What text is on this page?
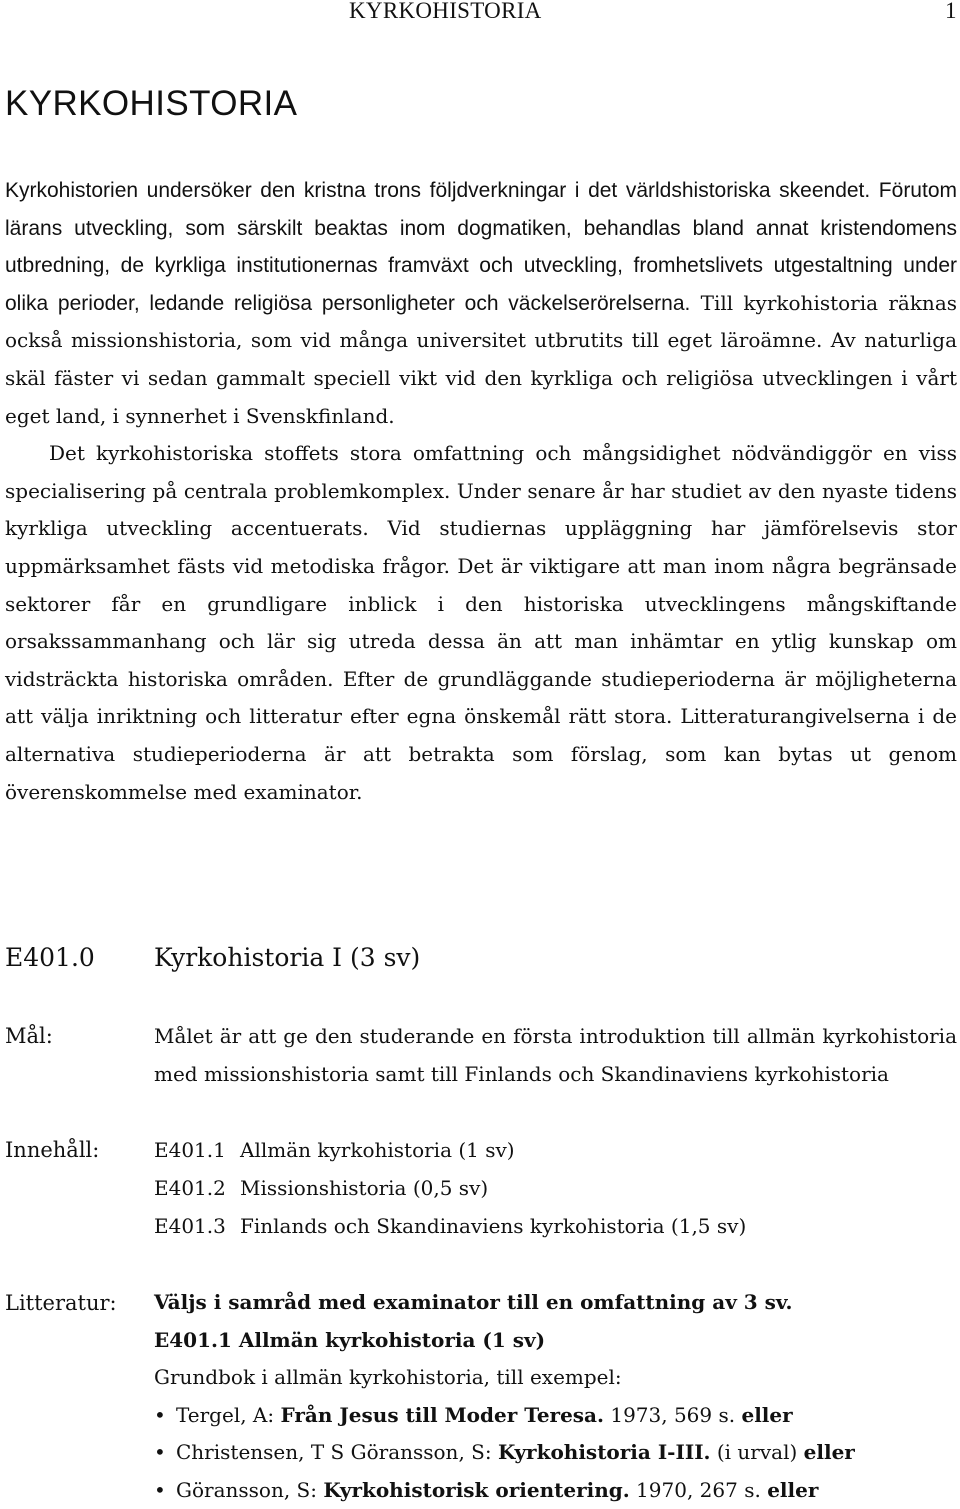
KYRKOHISTORIA	1
KYRKOHISTORIA

Kyrkohistorien undersöker den kristna trons följdverkningar i det världshistoriska skeendet. Förutom lärans utveckling, som särskilt beaktas inom dogmatiken, behandlas bland annat kristendomens utbredning, de kyrkliga institutionernas framväxt och utveckling, fromhetslivets utgestaltning under olika perioder, ledande religiösa personligheter och väckelserörelserna. Till kyrkohistoria räknas också missionshistoria, som vid många universitet utbrutits till eget läroämne. Av naturliga skäl fäster vi sedan gammalt speciell vikt vid den kyrkliga och religiösa utvecklingen i vårt eget land, i synnerhet i Svenskfinland.

Det kyrkohistoriska stoffets stora omfattning och mångsidighet nödvändiggör en viss specialisering på centrala problemkomplex. Under senare år har studiet av den nyaste tidens kyrkliga utveckling accentuerats. Vid studiernas uppläggning har jämförelsevis stor uppmärksamhet fästs vid metodiska frågor. Det är viktigare att man inom några begränsade sektorer får en grundligare inblick i den historiska utvecklingens mångskiftande orsakssammanhang och lär sig utreda dessa än att man inhämtar en ytlig kunskap om vidsträckta historiska områden. Efter de grundläggande studieperioderna är möjligheterna att välja inriktning och litteratur efter egna önskemål rätt stora. Litteraturangivelserna i de alternativa studieperioderna är att betrakta som förslag, som kan bytas ut genom överenskommelse med examinator.

E401.0 Kyrkohistoria I (3 sv)
Mål:	Målet är att ge den studerande en första introduktion till allmän kyrkohistoria med missionshistoria samt till Finlands och Skandinaviens kyrkohistoria
Innehåll:	E401.1 Allmän kyrkohistoria (1 sv)
E401.2 Missionshistoria (0,5 sv)
E401.3 Finlands och Skandinaviens kyrkohistoria (1,5 sv)
Litteratur: Väljs i samråd med examinator till en omfattning av 3 sv.
E401.1 Allmän kyrkohistoria (1 sv)
Grundbok i allmän kyrkohistoria, till exempel:
• Tergel, A: Från Jesus till Moder Teresa. 1973, 569 s. eller
• Christensen, T S Göransson, S: Kyrkohistoria I-III. (i urval) eller
• Göransson, S: Kyrkohistorisk orientering. 1970, 267 s. eller
